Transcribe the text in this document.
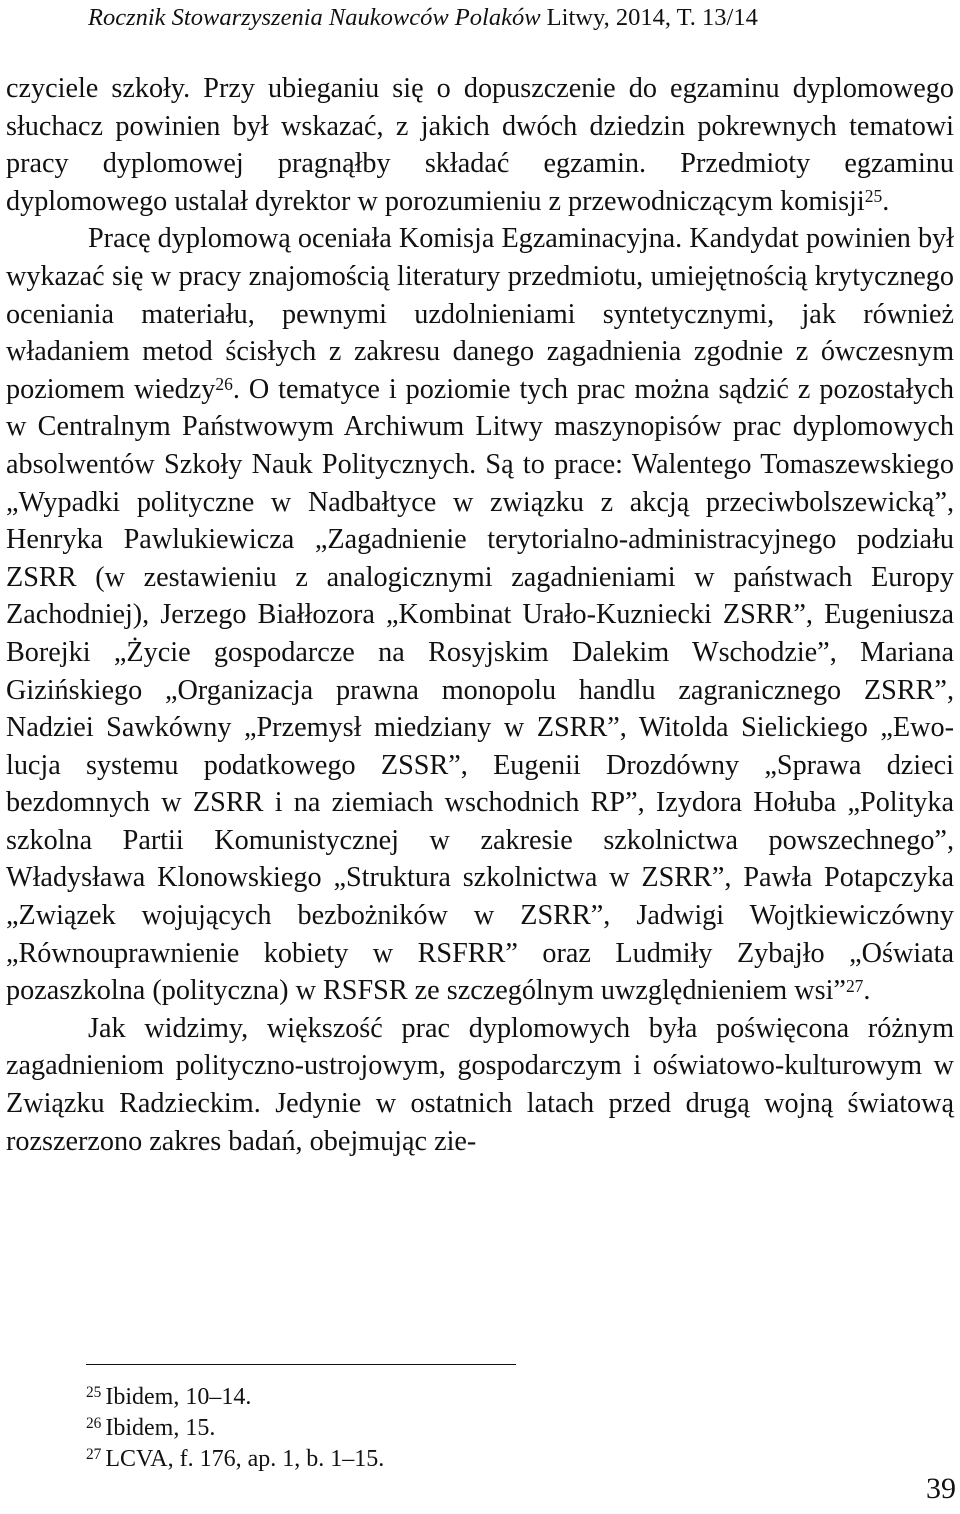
Rocznik Stowarzyszenia Naukowców Polaków Litwy, 2014, T. 13/14

czyciele szkoły. Przy ubieganiu się o dopuszczenie do egzaminu dyplomowego słuchacz powinien był wskazać, z jakich dwóch dziedzin pokrewnych tematowi pracy dyplomowej pragnąłby składać egzamin. Przedmioty egzaminu dyplomowego ustalał dyrektor w porozumieniu z przewodniczącym komisji$^{25}$.

Pracę dyplomową oceniała Komisja Egzaminacyjna. Kandydat powinien był wykazać się w pracy znajomością literatury przedmiotu, umiejętnością krytycznego oceniania materiału, pewnymi uzdolnieniami syntetycznymi, jak również władaniem metod ścisłych z zakresu danego zagadnienia zgodnie z ówczesnym poziomem wiedzy$^{26}$. O tematyce i poziomie tych prac można sądzić z pozostałych w Centralnym Państwowym Archiwum Litwy maszynopisów prac dyplomowych absolwentów Szkoły Nauk Politycznych. Są to prace: Walentego Tomaszewskiego „Wypadki polityczne w Nadbałtyce w związku z akcją przeciwbolszewicką”, Henryka Pawlukiewicza „Zagadnienie terytorialno-administracyjnego podziału ZSRR (w zestawieniu z analogicznymi zagadnieniami w państwach Europy Zachodniej), Jerzego Białłozora „Kombinat Urało-Kuzniecki ZSRR”, Eugeniusza Borejki „Życie gospodarcze na Rosyjskim Dalekim Wschodzie”, Mariana Gizińskiego „Organizacja prawna monopolu handlu zagranicznego ZSRR”, Nadziei Sawkówny „Przemysł miedziany w ZSRR”, Witolda Sielickiego „Ewolucja systemu podatkowego ZSSR”, Eugenii Drozdówny „Sprawa dzieci bezdomnych w ZSRR i na ziemiach wschodnich RP”, Izydora Hołuba „Polityka szkolna Partii Komunistycznej w zakresie szkolnictwa powszechnego”, Władysława Klonowskiego „Struktura szkolnictwa w ZSRR”, Pawła Potapczyka „Związek wojujących bezbożników w ZSRR”, Jadwigi Wojtkiewiczówny „Równouprawnienie kobiety w RSFRR” oraz Ludmiły Zybajło „Oświata pozaszkolna (polityczna) w RSFSR ze szczególnym uwzględnieniem wsi”$^{27}$.

Jak widzimy, większość prac dyplomowych była poświęcona różnym zagadnieniom polityczno-ustrojowym, gospodarczym i oświatowo-kulturowym w Związku Radzieckim. Jedynie w ostatnich latach przed drugą wojną światową rozszerzono zakres badań, obejmując zie-

$^{25}$ Ibidem, 10–14.

$^{26}$ Ibidem, 15.

$^{27}$ LCVA, f. 176, ap. 1, b. 1–15.

39
